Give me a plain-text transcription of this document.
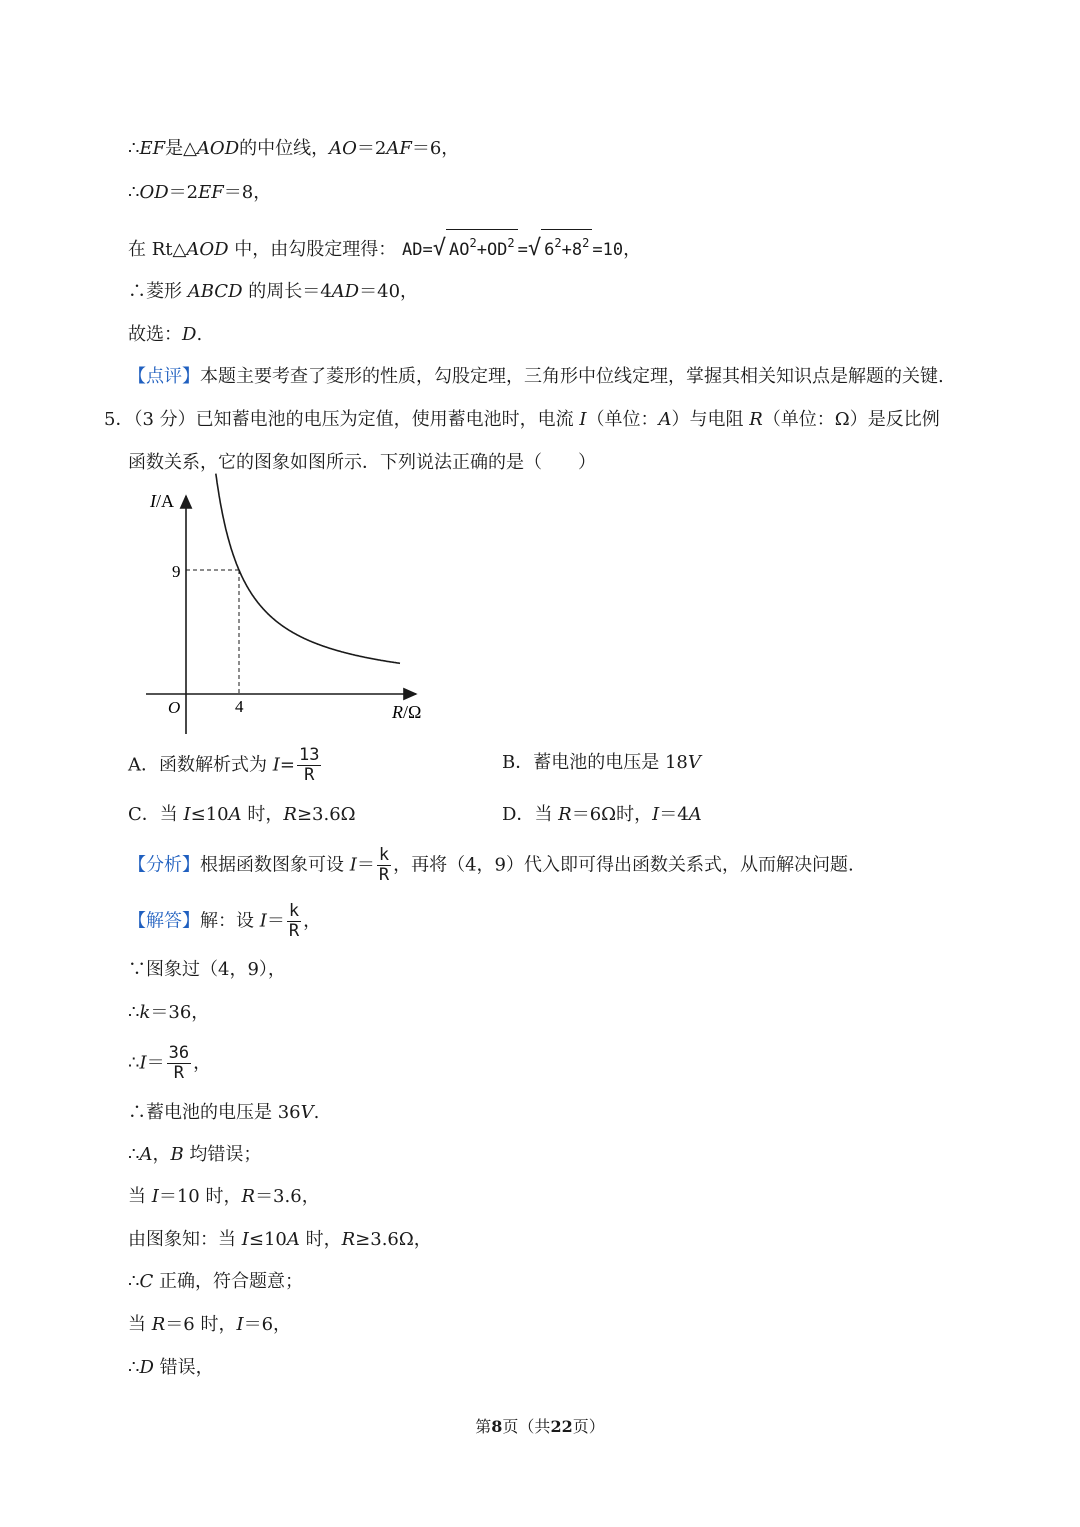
∴EF是△AOD的中位线，AO＝2AF＝6，
∴OD＝2EF＝8，
在 Rt△AOD 中，由勾股定理得： AD=√ $AO^2+OD^2$ =√ $6^2+8^2 =10$，
∴菱形 ABCD 的周长＝4AD＝40，
故选：D.
【点评】本题主要考查了菱形的性质，勾股定理，三角形中位线定理，掌握其相关知识点是解题的关键.
5．（3 分）已知蓄电池的电压为定值，使用蓄电池时，电流 I（单位：A）与电阻 R（单位：Ω）是反比例
函数关系，它的图象如图所示．下列说法正确的是（　　）
I/A
R/Ω
O
9
4
A．函数解析式为 $I= \frac{13}{R}$	B．蓄电池的电压是 18V
C．当 I≤10A 时，R≥3.6Ω	D．当 R＝6Ω时，I＝4A
【分析】根据函数图象可设 $I= \frac{k}{R}$ ，再将（4，9）代入即可得出函数关系式，从而解决问题.
【解答】解：设 $I= \frac{k}{R}$ ，
∵图象过（4，9），
∴k＝36，
∴I＝ $\frac{36}{R}$ ，
∴蓄电池的电压是 36V.
∴A，B 均错误；
当 I＝10 时，R＝3.6，
由图象知：当 I≤10A 时，R≥3.6Ω，
∴C 正确，符合题意；
当 R＝6 时，I＝6，
∴D 错误，
第8页（共22页）
